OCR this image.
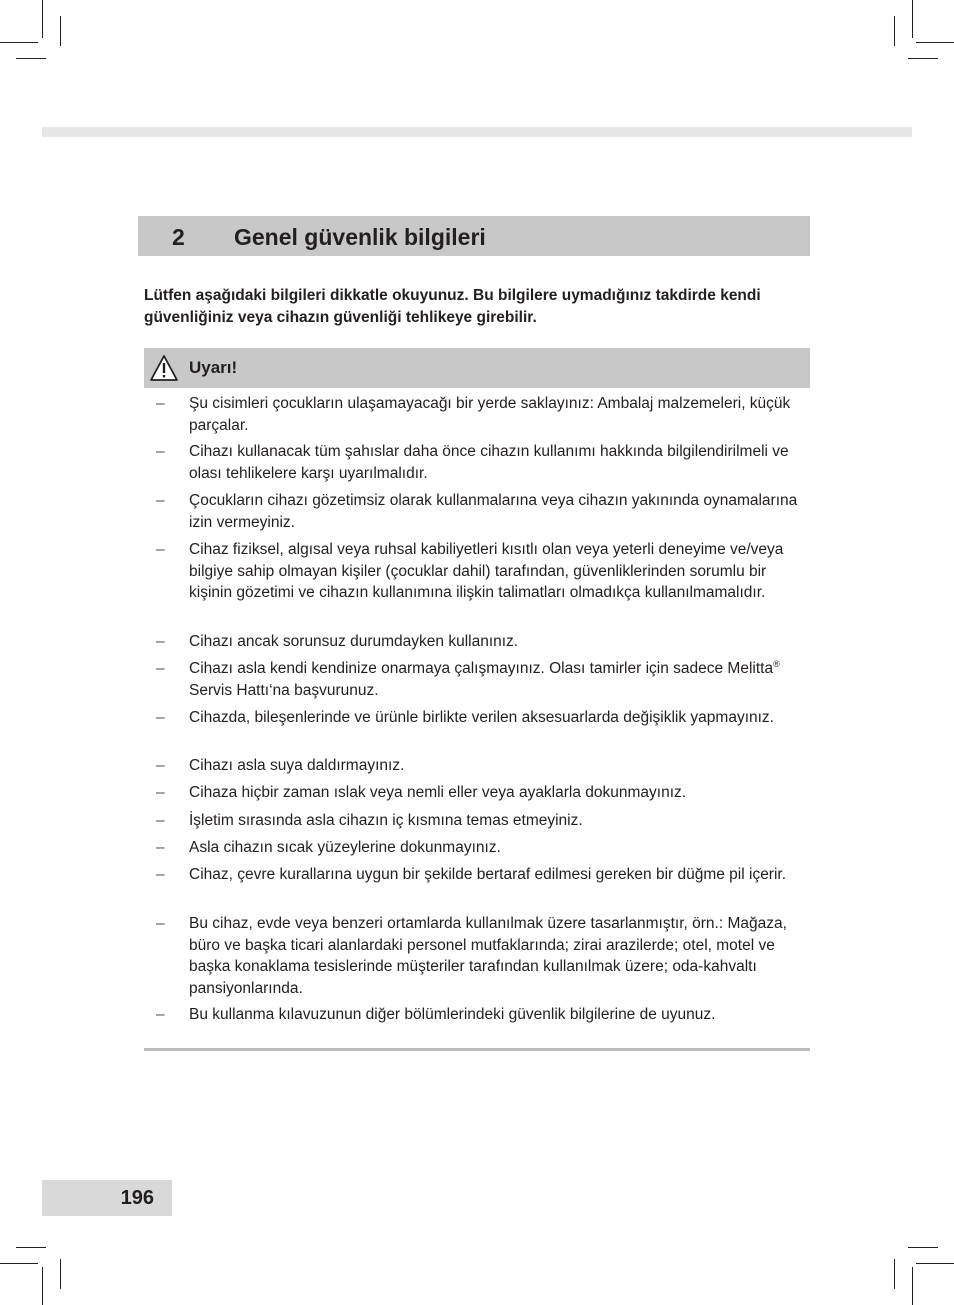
2 Genel güvenlik bilgileri
Lütfen aşağıdaki bilgileri dikkatle okuyunuz. Bu bilgilere uymadığınız takdirde kendi güvenliğiniz veya cihazın güvenliği tehlikeye girebilir.
Uyarı!
– Şu cisimleri çocukların ulaşamayacağı bir yerde saklayınız: Ambalaj malzemeleri, küçük parçalar.
– Cihazı kullanacak tüm şahıslar daha önce cihazın kullanımı hakkında bilgilendirilmeli ve olası tehlikelere karşı uyarılmalıdır.
– Çocukların cihazı gözetimsiz olarak kullanmalarına veya cihazın yakınında oynamalarına izin vermeyiniz.
– Cihaz fiziksel, algısal veya ruhsal kabiliyetleri kısıtlı olan veya yeterli deneyime ve/veya bilgiye sahip olmayan kişiler (çocuklar dahil) tarafından, güvenliklerinden sorumlu bir kişinin gözetimi ve cihazın kullanımına ilişkin talimatları olmadıkça kullanılmamalıdır.
– Cihazı ancak sorunsuz durumdayken kullanınız.
– Cihazı asla kendi kendinize onarmaya çalışmayınız. Olası tamirler için sadece Melitta® Servis Hattı‘na başvurunuz.
– Cihazda, bileşenlerinde ve ürünle birlikte verilen aksesuarlarda değişiklik yapmayınız.
– Cihazı asla suya daldırmayınız.
– Cihaza hiçbir zaman ıslak veya nemli eller veya ayaklarla dokunmayınız.
– İşletim sırasında asla cihazın iç kısmına temas etmeyiniz.
– Asla cihazın sıcak yüzeylerine dokunmayınız.
– Cihaz, çevre kurallarına uygun bir şekilde bertaraf edilmesi gereken bir düğme pil içerir.
– Bu cihaz, evde veya benzeri ortamlarda kullanılmak üzere tasarlanmıştır, örn.: Mağaza, büro ve başka ticari alanlardaki personel mutfaklarında; zirai arazilerde; otel, motel ve başka konaklama tesislerinde müşteriler tarafından kullanılmak üzere; oda-kahvaltı pansiyonlarında.
– Bu kullanma kılavuzunun diğer bölümlerindeki güvenlik bilgilerine de uyunuz.
196
